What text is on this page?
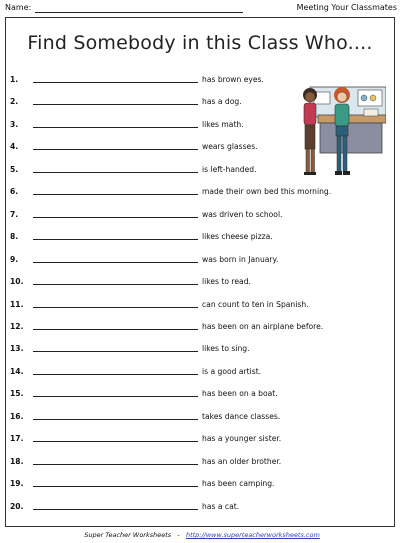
Name:	Meeting Your Classmates
Find Somebody in this Class Who....
1.	has brown eyes.
2.	has a dog.
3.	likes math.
4.	wears glasses.
5.	is left-handed.
6.	made their own bed this morning.
7.	was driven to school.
8.	likes cheese pizza.
9.	was born in January.
10.	likes to read.
11.	can count to ten in Spanish.
12.	has been on an airplane before.
13.	likes to sing.
14.	is a good artist.
15.	has been on a boat.
16.	takes dance classes.
17.	has a younger sister.
18.	has an older brother.
19.	has been camping.
20.	has a cat.
Super Teacher Worksheets - http://www.superteacherworksheets.com
